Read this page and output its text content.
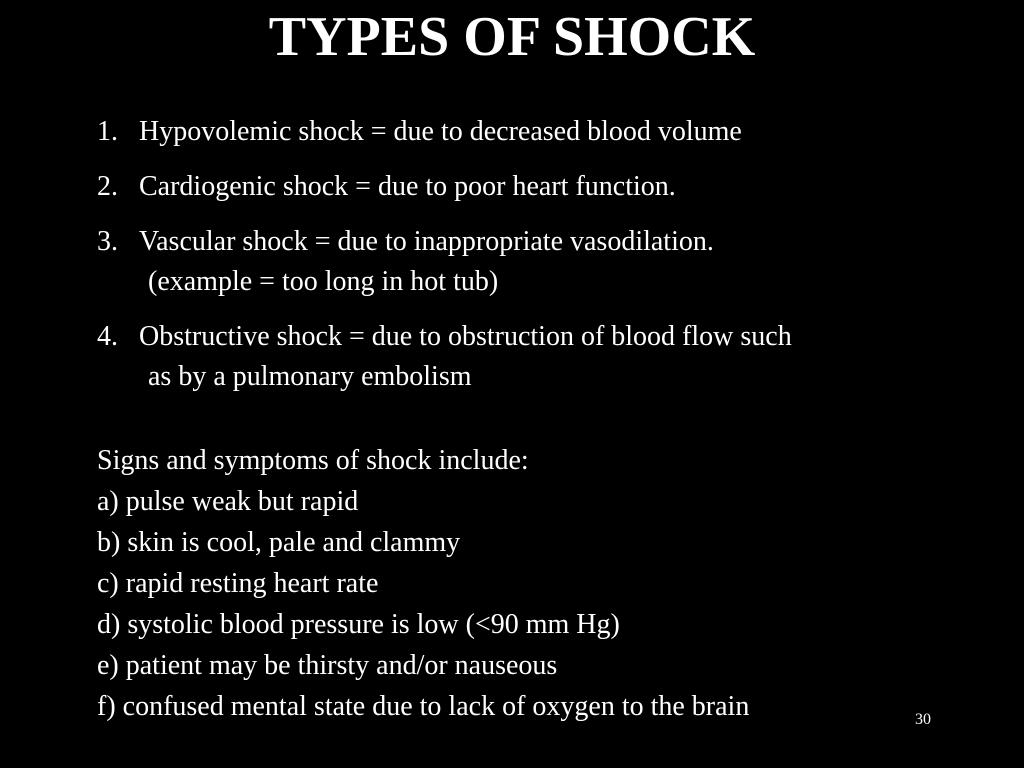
TYPES OF SHOCK
1. Hypovolemic shock = due to decreased blood volume
2. Cardiogenic shock = due to poor heart function.
3. Vascular shock = due to inappropriate vasodilation.
(example = too long in hot tub)
4. Obstructive shock = due to obstruction of blood flow such
as by a pulmonary embolism
Signs and symptoms of shock include:
a) pulse weak but rapid
b) skin is cool, pale and clammy
c) rapid resting heart rate
d) systolic blood pressure is low (<90 mm Hg)
e) patient may be thirsty and/or nauseous
f) confused mental state due to lack of oxygen to the brain	30
